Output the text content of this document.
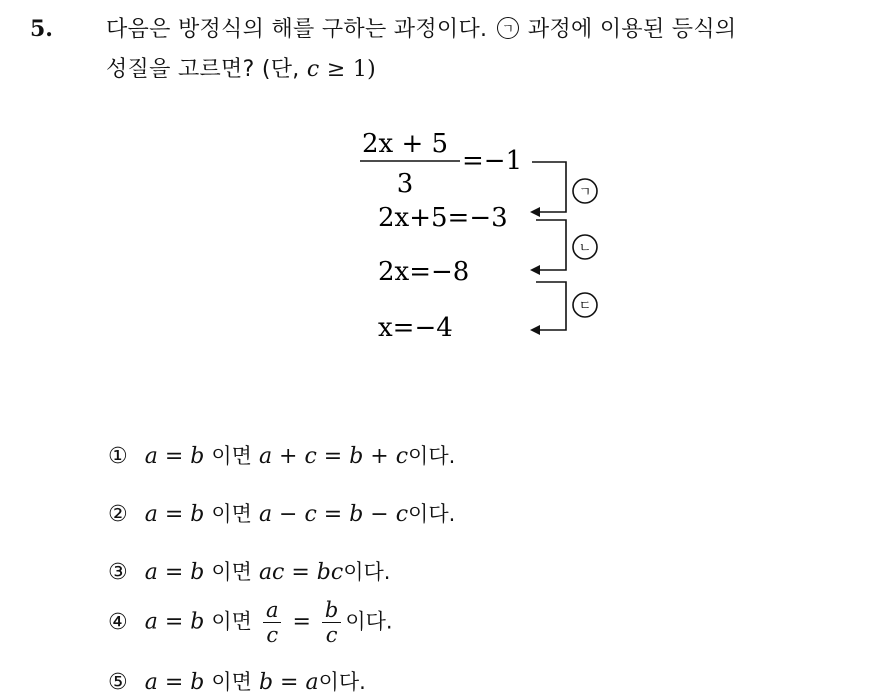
5. 다음은 방정식의 해를 구하는 과정이다. ㄱ 과정에 이용된 등식의
성질을 고르면? (단, c ≥ 1)
2x + 5
3
=−1
2x+5=−3
2x=−8
x=−4
ㄱ
ㄴ
ㄷ
① a = b 이면 a + c = b + c이다.
② a = b 이면 a − c = b − c이다.
③ a = b 이면 ac = bc이다.
④ a = b 이면 $\frac{a}{c} = \frac{b}{c}$ 이다.
⑤ a = b 이면 b = a이다.
